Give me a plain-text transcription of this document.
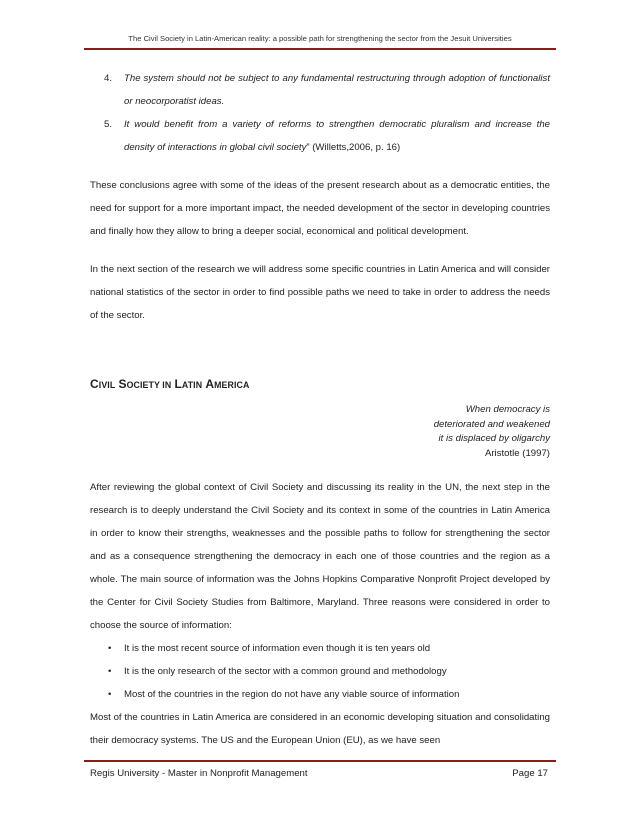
The Civil Society in Latin-American reality: a possible path for strengthening the sector from the Jesuit Universities
4. The system should not be subject to any fundamental restructuring through adoption of functionalist or neocorporatist ideas.
5. It would benefit from a variety of reforms to strengthen democratic pluralism and increase the density of interactions in global civil society” (Willetts,2006, p. 16)

These conclusions agree with some of the ideas of the present research about as a democratic entities, the need for support for a more important impact, the needed development of the sector in developing countries and finally how they allow to bring a deeper social, economical and political development.

In the next section of the research we will address some specific countries in Latin America and will consider national statistics of the sector in order to find possible paths we need to take in order to address the needs of the sector.

CIVIL SOCIETY IN LATIN AMERICA
When democracy is
deteriorated and weakened
it is displaced by oligarchy
Aristotle (1997)

After reviewing the global context of Civil Society and discussing its reality in the UN, the next step in the research is to deeply understand the Civil Society and its context in some of the countries in Latin America in order to know their strengths, weaknesses and the possible paths to follow for strengthening the sector and as a consequence strengthening the democracy in each one of those countries and the region as a whole. The main source of information was the Johns Hopkins Comparative Nonprofit Project developed by the Center for Civil Society Studies from Baltimore, Maryland. Three reasons were considered in order to choose the source of information:

• It is the most recent source of information even though it is ten years old
• It is the only research of the sector with a common ground and methodology
• Most of the countries in the region do not have any viable source of information

Most of the countries in Latin America are considered in an economic developing situation and consolidating their democracy systems. The US and the European Union (EU), as we have seen

Regis University - Master in Nonprofit Management	Page 17
